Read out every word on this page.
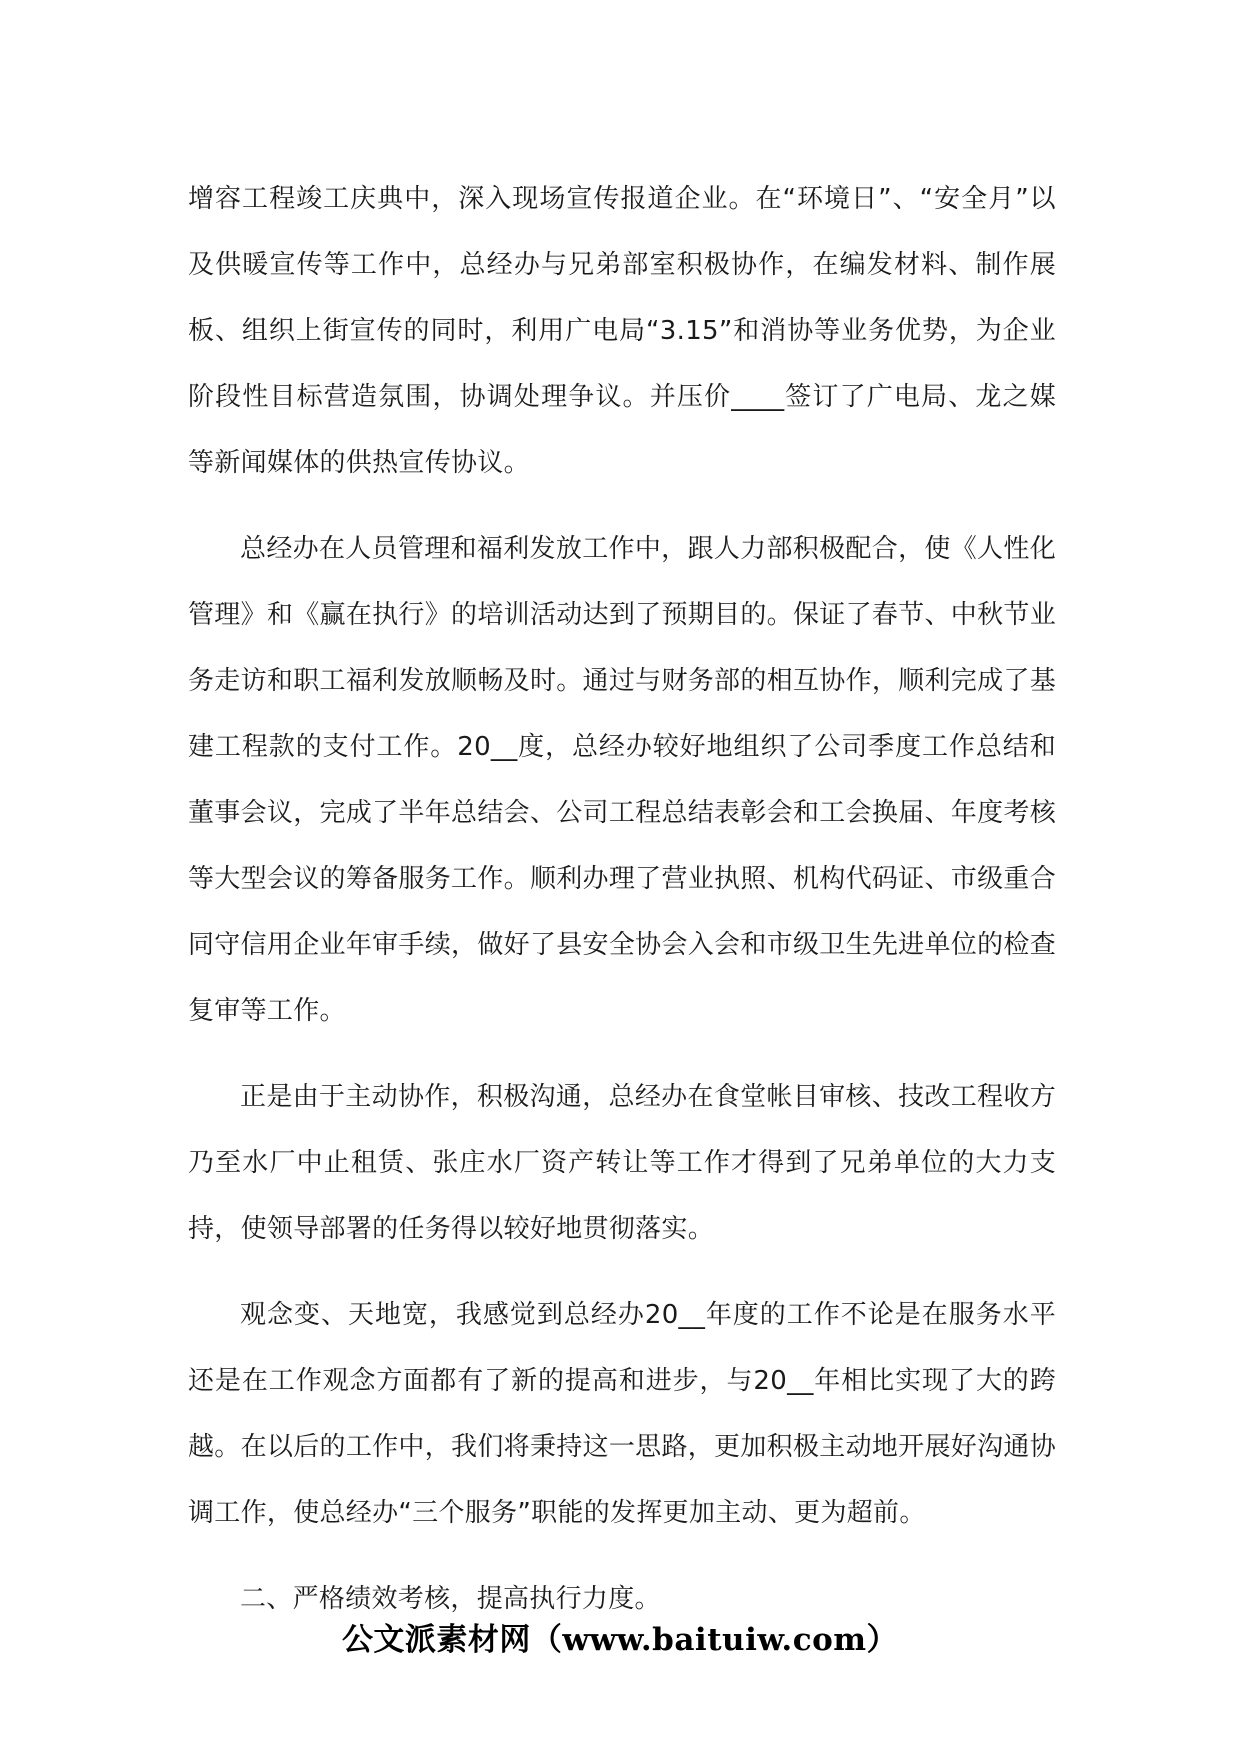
增容工程竣工庆典中，深入现场宣传报道企业。在“环境日”、“安全月”以及供暖宣传等工作中，总经办与兄弟部室积极协作，在编发材料、制作展板、组织上街宣传的同时，利用广电局“3.15”和消协等业务优势，为企业阶段性目标营造氛围，协调处理争议。并压价____签订了广电局、龙之媒等新闻媒体的供热宣传协议。

总经办在人员管理和福利发放工作中，跟人力部积极配合，使《人性化管理》和《赢在执行》的培训活动达到了预期目的。保证了春节、中秋节业务走访和职工福利发放顺畅及时。通过与财务部的相互协作，顺利完成了基建工程款的支付工作。20__度，总经办较好地组织了公司季度工作总结和董事会议，完成了半年总结会、公司工程总结表彰会和工会换届、年度考核等大型会议的筹备服务工作。顺利办理了营业执照、机构代码证、市级重合同守信用企业年审手续，做好了县安全协会入会和市级卫生先进单位的检查复审等工作。

正是由于主动协作，积极沟通，总经办在食堂帐目审核、技改工程收方乃至水厂中止租赁、张庄水厂资产转让等工作才得到了兄弟单位的大力支持，使领导部署的任务得以较好地贯彻落实。

观念变、天地宽，我感觉到总经办20__年度的工作不论是在服务水平还是在工作观念方面都有了新的提高和进步，与20__年相比实现了大的跨越。在以后的工作中，我们将秉持这一思路，更加积极主动地开展好沟通协调工作，使总经办“三个服务”职能的发挥更加主动、更为超前。

二、严格绩效考核，提高执行力度。

公文派素材网（www.baituiw.com）
